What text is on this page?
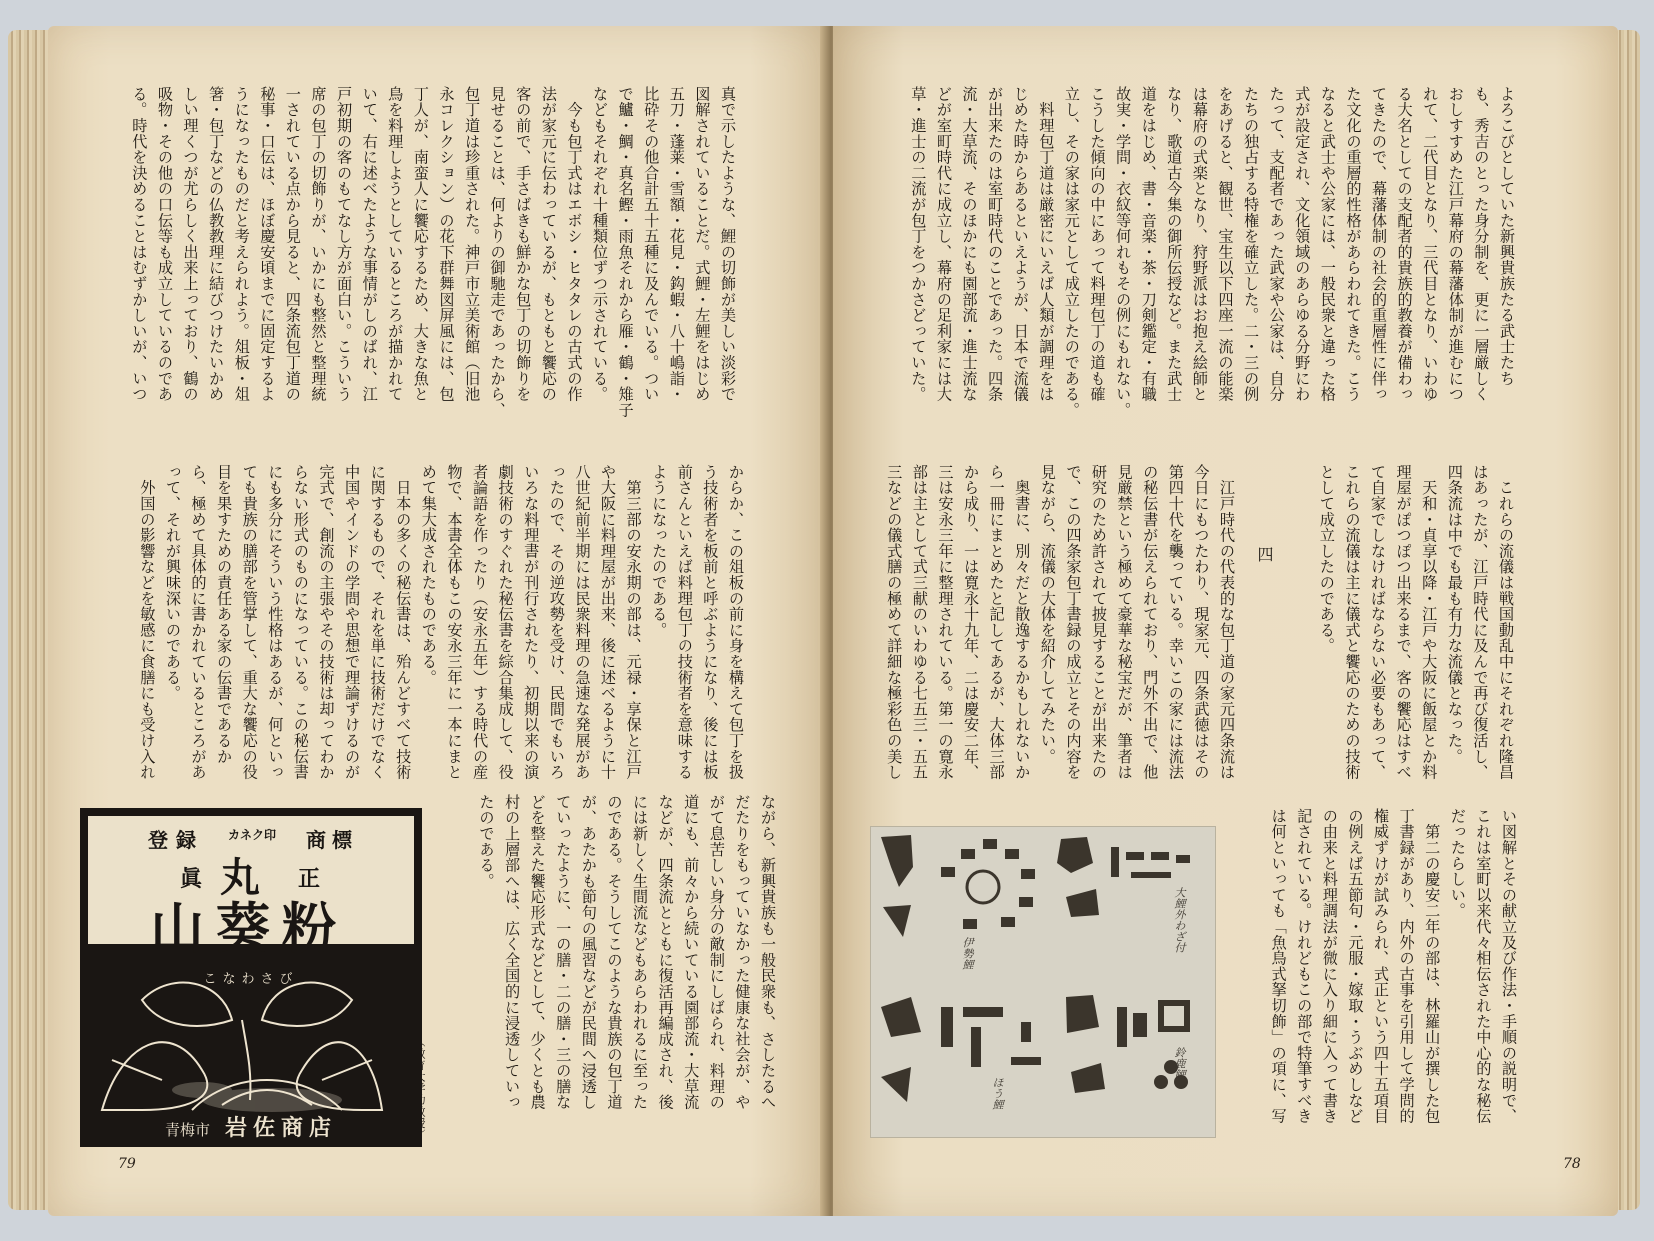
真で示したような、鯉の切飾が美しい淡彩で
図解されていることだ。式鯉・左鯉をはじめ
五刀・蓬莱・雪額・花見・鈎蝦・八十嶋詣・
比砕その他合計五十五種に及んでいる。つい
で鱸・鯛・真名鰹・雨魚それから雁・鶴・雉子
などもそれぞれ十種類位ずつ示されている。
　今も包丁式はエボシ・ヒタタレの古式の作
法が家元に伝わっているが、もともと饗応の
客の前で、手さばきも鮮かな包丁の切飾りを
見せることは、何よりの御馳走であったから、
包丁道は珍重された。神戸市立美術館（旧池
永コレクション）の花下群舞図屏風には、包
丁人が、南蛮人に饗応するため、大きな魚と
鳥を料理しようとしているところが描かれて
いて、右に述べたような事情がしのばれ、江
戸初期の客のもてなし方が面白い。こういう
席の包丁の切飾りが、いかにも整然と整理統
一されている点から見ると、四条流包丁道の
秘事・口伝は、ほぼ慶安頃までに固定するよ
うになったものだと考えられよう。俎板・俎
箸・包丁などの仏教教理に結びつけたいかめ
しい理くつが尤らしく出来上っており、鶴の
吸物・その他の口伝等も成立しているのであ
る。時代を決めることはむずかしいが、いつ
からか、この俎板の前に身を構えて包丁を扱
う技術者を板前と呼ぶようになり、後には板
前さんといえば料理包丁の技術者を意味する
ようになったのである。
　第三部の安永期の部は、元禄・享保と江戸
や大阪に料理屋が出来、後に述べるように十
八世紀前半期には民衆料理の急速な発展があ
ったので、その逆攻勢を受け、民間でもいろ
いろな料理書が刊行されたり、初期以来の演
劇技術のすぐれた秘伝書を綜合集成して、役
者論語を作ったり（安永五年）する時代の産
物で、本書全体もこの安永三年に一本にまと
めて集大成されたものである。
　日本の多くの秘伝書は、殆んどすべて技術
に関するもので、それを単に技術だけでなく
中国やインドの学問や思想で理論ずけるのが
完式で、創流の主張やその技術は却ってわか
らない形式のものになっている。この秘伝書
にも多分にそういう性格はあるが、何といっ
ても貴族の膳部を管掌して、重大な饗応の役
目を果すための責任ある家の伝書であるか
ら、極めて具体的に書かれているところがあ
って、それが興味深いのである。
　外国の影響などを敏感に食膳にも受け入れ
ながら、新興貴族も一般民衆も、さしたるへ
だたりをもっていなかった健康な社会が、や
がて息苦しい身分の敵制にしばられ、料理の
道にも、前々から続いている園部流・大草流
などが、四条流とともに復活再編成され、後
には新しく生間流などもあらわれるに至った
のである。そうしてこのような貴族の包丁道
が、あたかも節句の風習などが民間へ浸透し
ていったように、一の膳・二の膳・三の膳な
どを整えた饗応形式などとして、少くとも農
村の上層部へは、広く全国的に浸透していっ
たのである。
79
登録 カネク印 商標
眞 丸 正
山葵粉
こなわさび
青梅市 岩佐商店
よろこびとしていた新興貴族たる武士たち
も、秀吉のとった身分制を、更に一層厳しく
おしすすめた江戸幕府の幕藩体制が進むにつ
れて、二代目となり、三代目となり、いわゆ
る大名としての支配者的貴族的教養が備わっ
てきたので、幕藩体制の社会的重層性に伴っ
た文化の重層的性格があらわれてきた。こう
なると武士や公家には、一般民衆と違った格
式が設定され、文化領域のあらゆる分野にわ
たって、支配者であった武家や公家は、自分
たちの独占する特権を確立した。二・三の例
をあげると、観世、宝生以下四座一流の能楽
は幕府の式楽となり、狩野派はお抱え絵師と
なり、歌道古今集の御所伝授など。また武士
道をはじめ、書・音楽・茶・刀剣鑑定・有職
故実・学問・衣紋等何れもその例にもれない。
こうした傾向の中にあって料理包丁の道も確
立し、その家は家元として成立したのである。
　料理包丁道は厳密にいえば人類が調理をは
じめた時からあるといえようが、日本で流儀
が出来たのは室町時代のことであった。四条
流・大草流、そのほかにも園部流・進士流な
どが室町時代に成立し、幕府の足利家には大
草・進士の二流が包丁をつかさどっていた。
　これらの流儀は戦国動乱中にそれぞれ隆昌
はあったが、江戸時代に及んで再び復活し、
四条流は中でも最も有力な流儀となった。
　天和・貞享以降・江戸や大阪に飯屋とか料
理屋がぽつぽつ出来るまで、客の饗応はすべ
て自家でしなければならない必要もあって、
これらの流儀は主に儀式と饗応のための技術
として成立したのである。
四
　江戸時代の代表的な包丁道の家元四条流は
今日にもつたわり、現家元、四条武徳はその
第四十代を襲っている。幸いこの家には流法
の秘伝書が伝えられており、門外不出で、他
見厳禁という極めて豪華な秘宝だが、筆者は
研究のため許されて披見することが出来たの
で、この四条家包丁書録の成立とその内容を
見ながら、流儀の大体を紹介してみたい。
　奥書に、別々だと散逸するかもしれないか
ら一冊にまとめたと記してあるが、大体三部
から成り、一は寛永十九年、二は慶安二年、
三は安永三年に整理されている。第一の寛永
部は主として式三献のいわゆる七五三・五五
三などの儀式膳の極めて詳細な極彩色の美し
い図解とその献立及び作法・手順の説明で、
これは室町以来代々相伝された中心的な秘伝
だったらしい。
　第二の慶安二年の部は、林羅山が撰した包
丁書録があり、内外の古事を引用して学問的
権威ずけが試みられ、式正という四十五項目
の例えば五節句・元服・嫁取・うぶめしなど
の由来と料理調法が微に入り細に入って書き
記されている。けれどもこの部で特筆すべき
は何といっても「魚鳥式拏切飾」の項に、写
78
伊勢鯉
大鯉外わざ付
ほう鯉
鈴鹿鯉
